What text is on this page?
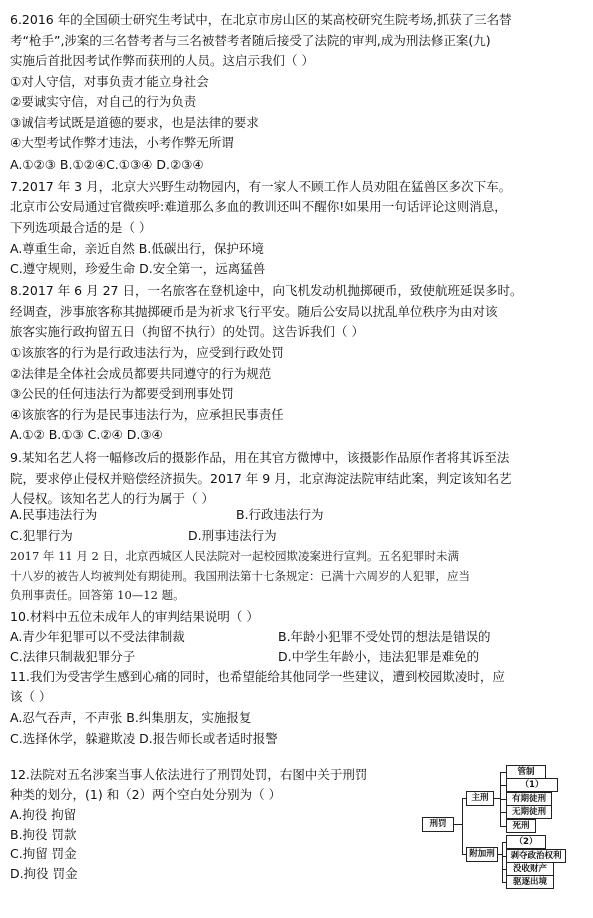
6.2016 年的全国硕士研究生考试中，在北京市房山区的某高校研究生院考场,抓获了三名替
考“枪手”,涉案的三名替考者与三名被替考者随后接受了法院的审判,成为刑法修正案(九)
实施后首批因考试作弊而获刑的人员。这启示我们（ ）
①对人守信，对事负责才能立身社会
②要诚实守信，对自己的行为负责
③诚信考试既是道德的要求，也是法律的要求
④大型考试作弊才违法，小考作弊无所谓
A.①②③ B.①②④C.①③④ D.②③④
7.2017 年 3 月，北京大兴野生动物园内，有一家人不顾工作人员劝阻在猛兽区多次下车。
北京市公安局通过官微疾呼:难道那么多血的教训还叫不醒你!如果用一句话评论这则消息，
下列选项最合适的是（ ）
A.尊重生命，亲近自然 B.低碳出行，保护环境
C.遵守规则，珍爱生命 D.安全第一，远离猛兽
8.2017 年 6 月 27 日，一名旅客在登机途中，向飞机发动机抛掷硬币，致使航班延误多时。
经调查，涉事旅客称其抛掷硬币是为祈求飞行平安。随后公安局以扰乱单位秩序为由对该
旅客实施行政拘留五日（拘留不执行）的处罚。这告诉我们（ ）
①该旅客的行为是行政违法行为，应受到行政处罚
②法律是全体社会成员都要共同遵守的行为规范
③公民的任何违法行为都要受到刑事处罚
④该旅客的行为是民事违法行为，应承担民事责任
A.①② B.①③ C.②④ D.③④
9.某知名艺人将一幅修改后的摄影作品，用在其官方微博中，该摄影作品原作者将其诉至法
院，要求停止侵权并赔偿经济损失。2017 年 9 月，北京海淀法院审结此案，判定该知名艺
人侵权。该知名艺人的行为属于（ ）
A.民事违法行为	B.行政违法行为
C.犯罪行为	D.刑事违法行为
2017 年 11 月 2 日，北京西城区人民法院对一起校园欺凌案进行宣判。五名犯罪时未满
十八岁的被告人均被判处有期徒刑。我国刑法第十七条规定：已满十六周岁的人犯罪，应当
负刑事责任。回答第 10—12 题。
10.材料中五位未成年人的审判结果说明（ ）
A.青少年犯罪可以不受法律制裁	B.年龄小犯罪不受处罚的想法是错误的
C.法律只制裁犯罪分子	D.中学生年龄小，违法犯罪是难免的
11.我们为受害学生感到心痛的同时，也希望能给其他同学一些建议，遭到校园欺凌时，应
该（ ）
A.忍气吞声，不声张 B.纠集朋友，实施报复
C.选择休学，躲避欺凌 D.报告师长或者适时报警
12.法院对五名涉案当事人依法进行了刑罚处罚，右图中关于刑罚
种类的划分，(1) 和（2）两个空白处分别为（ ）
A.拘役 拘留
B.拘役 罚款
C.拘留 罚金
D.拘役 罚金
刑罚
主刑
附加刑
管制
（1）
有期徒刑
无期徒刑
死刑
（2）
剥夺政治权利
没收财产
驱逐出境
